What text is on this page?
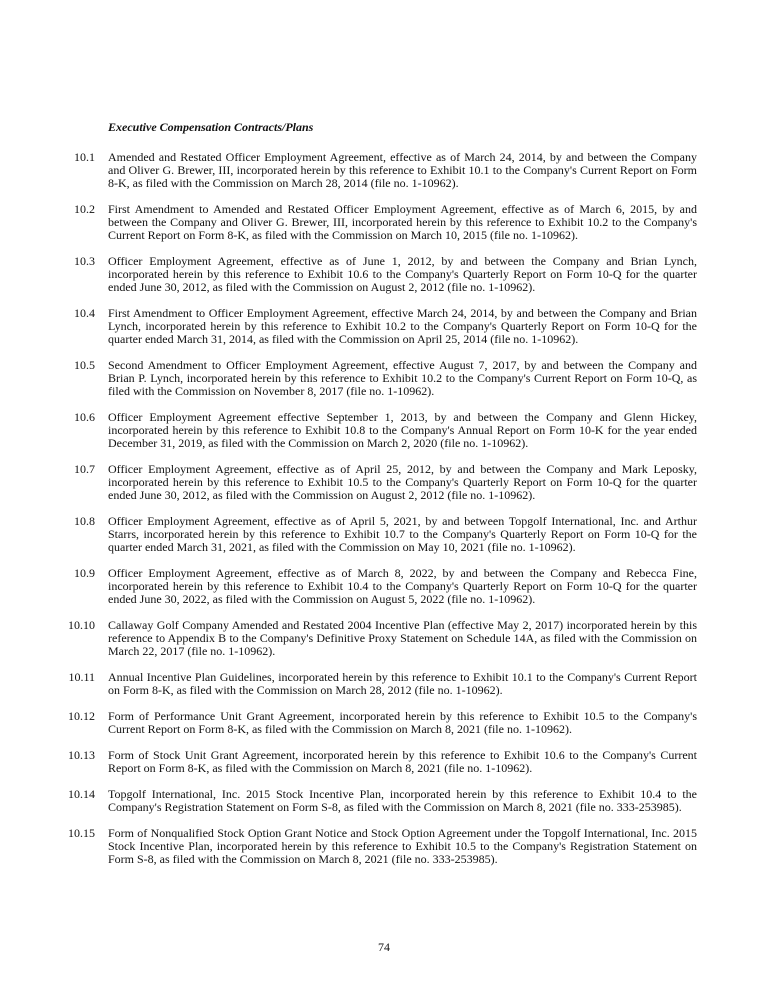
Executive Compensation Contracts/Plans
10.1 Amended and Restated Officer Employment Agreement, effective as of March 24, 2014, by and between the Company and Oliver G. Brewer, III, incorporated herein by this reference to Exhibit 10.1 to the Company's Current Report on Form 8-K, as filed with the Commission on March 28, 2014 (file no. 1-10962).
10.2 First Amendment to Amended and Restated Officer Employment Agreement, effective as of March 6, 2015, by and between the Company and Oliver G. Brewer, III, incorporated herein by this reference to Exhibit 10.2 to the Company's Current Report on Form 8-K, as filed with the Commission on March 10, 2015 (file no. 1-10962).
10.3 Officer Employment Agreement, effective as of June 1, 2012, by and between the Company and Brian Lynch, incorporated herein by this reference to Exhibit 10.6 to the Company's Quarterly Report on Form 10-Q for the quarter ended June 30, 2012, as filed with the Commission on August 2, 2012 (file no. 1-10962).
10.4 First Amendment to Officer Employment Agreement, effective March 24, 2014, by and between the Company and Brian Lynch, incorporated herein by this reference to Exhibit 10.2 to the Company's Quarterly Report on Form 10-Q for the quarter ended March 31, 2014, as filed with the Commission on April 25, 2014 (file no. 1-10962).
10.5 Second Amendment to Officer Employment Agreement, effective August 7, 2017, by and between the Company and Brian P. Lynch, incorporated herein by this reference to Exhibit 10.2 to the Company's Current Report on Form 10-Q, as filed with the Commission on November 8, 2017 (file no. 1-10962).
10.6 Officer Employment Agreement effective September 1, 2013, by and between the Company and Glenn Hickey, incorporated herein by this reference to Exhibit 10.8 to the Company's Annual Report on Form 10-K for the year ended December 31, 2019, as filed with the Commission on March 2, 2020 (file no. 1-10962).
10.7 Officer Employment Agreement, effective as of April 25, 2012, by and between the Company and Mark Leposky, incorporated herein by this reference to Exhibit 10.5 to the Company's Quarterly Report on Form 10-Q for the quarter ended June 30, 2012, as filed with the Commission on August 2, 2012 (file no. 1-10962).
10.8 Officer Employment Agreement, effective as of April 5, 2021, by and between Topgolf International, Inc. and Arthur Starrs, incorporated herein by this reference to Exhibit 10.7 to the Company's Quarterly Report on Form 10-Q for the quarter ended March 31, 2021, as filed with the Commission on May 10, 2021 (file no. 1-10962).
10.9 Officer Employment Agreement, effective as of March 8, 2022, by and between the Company and Rebecca Fine, incorporated herein by this reference to Exhibit 10.4 to the Company's Quarterly Report on Form 10-Q for the quarter ended June 30, 2022, as filed with the Commission on August 5, 2022 (file no. 1-10962).
10.10 Callaway Golf Company Amended and Restated 2004 Incentive Plan (effective May 2, 2017) incorporated herein by this reference to Appendix B to the Company's Definitive Proxy Statement on Schedule 14A, as filed with the Commission on March 22, 2017 (file no. 1-10962).
10.11 Annual Incentive Plan Guidelines, incorporated herein by this reference to Exhibit 10.1 to the Company's Current Report on Form 8-K, as filed with the Commission on March 28, 2012 (file no. 1-10962).
10.12 Form of Performance Unit Grant Agreement, incorporated herein by this reference to Exhibit 10.5 to the Company's Current Report on Form 8-K, as filed with the Commission on March 8, 2021 (file no. 1-10962).
10.13 Form of Stock Unit Grant Agreement, incorporated herein by this reference to Exhibit 10.6 to the Company's Current Report on Form 8-K, as filed with the Commission on March 8, 2021 (file no. 1-10962).
10.14 Topgolf International, Inc. 2015 Stock Incentive Plan, incorporated herein by this reference to Exhibit 10.4 to the Company's Registration Statement on Form S-8, as filed with the Commission on March 8, 2021 (file no. 333-253985).
10.15 Form of Nonqualified Stock Option Grant Notice and Stock Option Agreement under the Topgolf International, Inc. 2015 Stock Incentive Plan, incorporated herein by this reference to Exhibit 10.5 to the Company's Registration Statement on Form S-8, as filed with the Commission on March 8, 2021 (file no. 333-253985).
74
